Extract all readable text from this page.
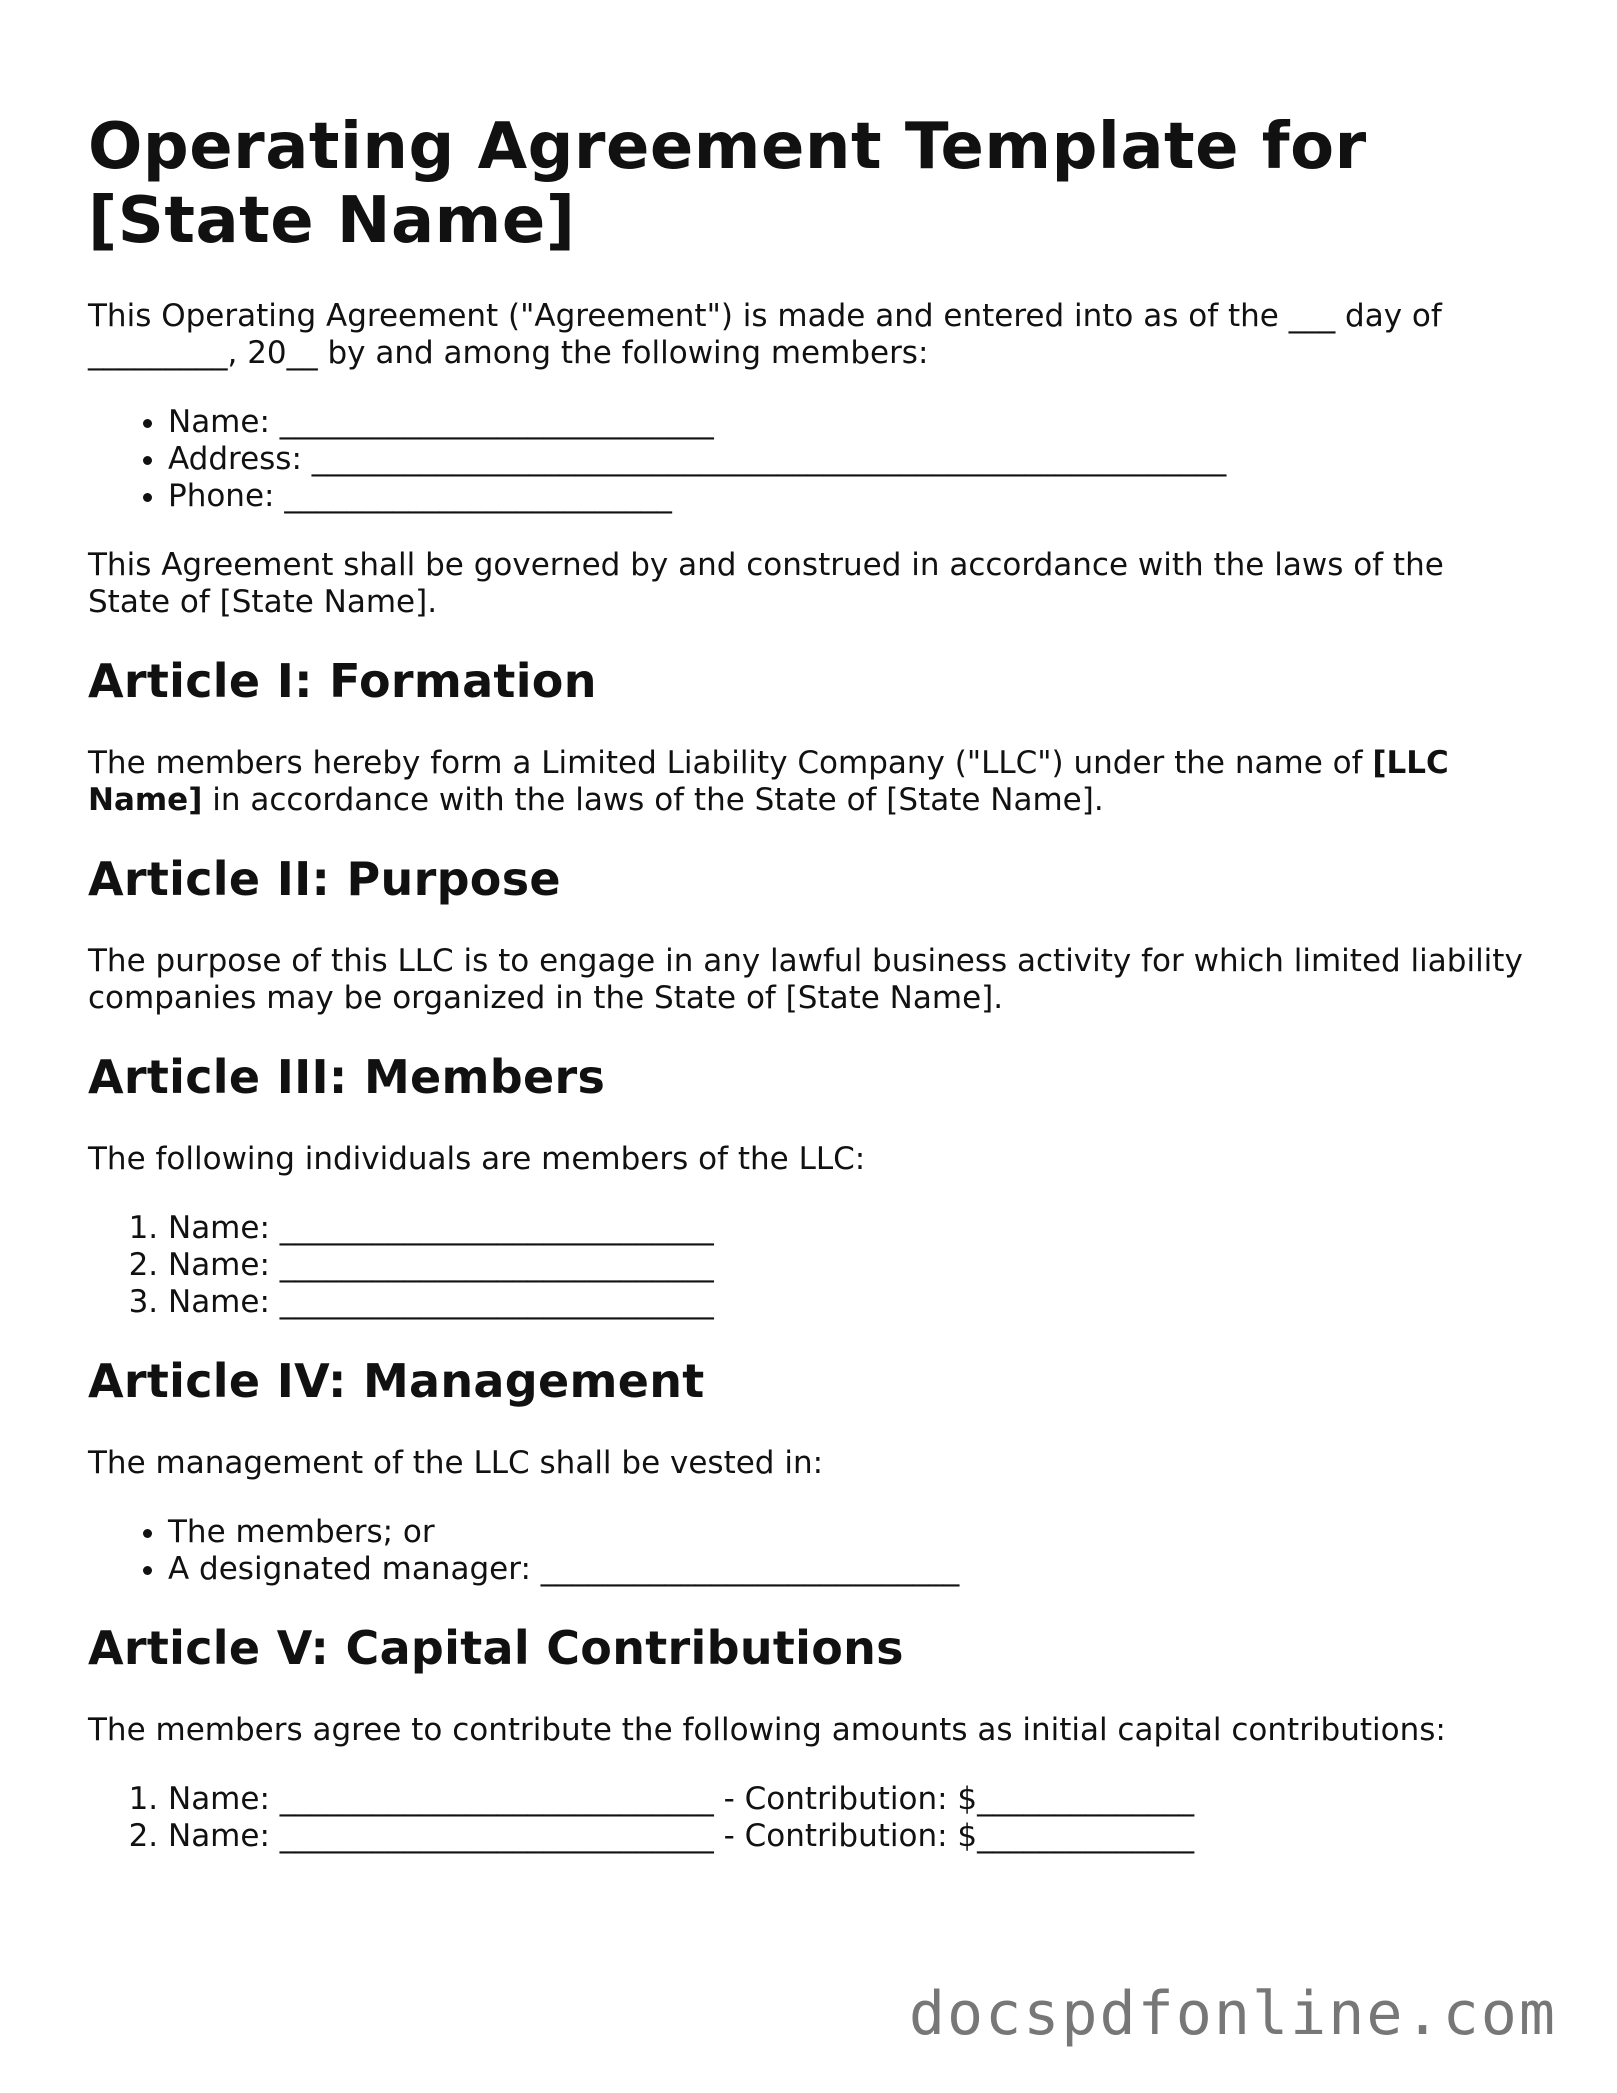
Operating Agreement Template for [State Name]

This Operating Agreement ("Agreement") is made and entered into as of the ___ day of _________, 20__ by and among the following members:

• Name: ____________________________
• Address: ___________________________________________________________
• Phone: _________________________

This Agreement shall be governed by and construed in accordance with the laws of the State of [State Name].

Article I: Formation

The members hereby form a Limited Liability Company ("LLC") under the name of [LLC Name] in accordance with the laws of the State of [State Name].

Article II: Purpose

The purpose of this LLC is to engage in any lawful business activity for which limited liability companies may be organized in the State of [State Name].

Article III: Members

The following individuals are members of the LLC:

1. Name: ____________________________
2. Name: ____________________________
3. Name: ____________________________
Article IV: Management

The management of the LLC shall be vested in:

• The members; or
• A designated manager: ___________________________
Article V: Capital Contributions

The members agree to contribute the following amounts as initial capital contributions:

1. Name: ____________________________ - Contribution: $______________
2. Name: ____________________________ - Contribution: $______________
docspdfonline.com
